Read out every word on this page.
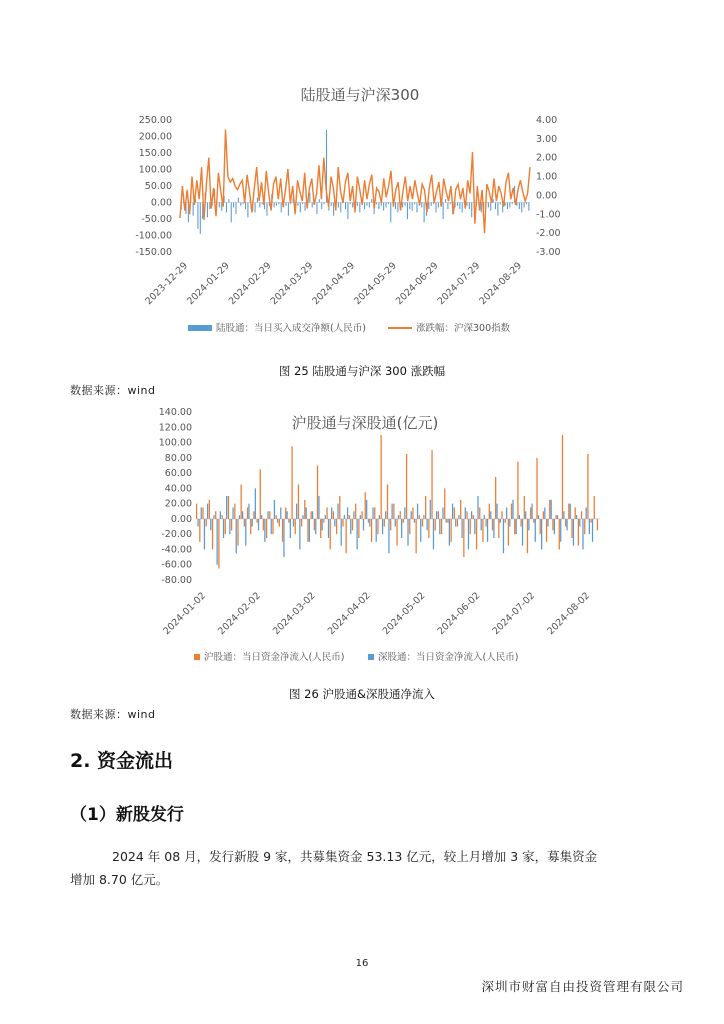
陆股通与沪深300
250.00
200.00
150.00
100.00
50.00
0.00
-50.00
-100.00
-150.00
4.00
3.00
2.00
1.00
0.00
-1.00
-2.00
-3.00
2023-12-29
2024-01-29
2024-02-29
2024-03-29
2024-04-29
2024-05-29
2024-06-29
2024-07-29
2024-08-29
陆股通：当日买入成交净额(人民币)	涨跌幅：沪深300指数
图 25 陆股通与沪深 300 涨跌幅
数据来源：wind
沪股通与深股通(亿元)
140.00
120.00
100.00
80.00
60.00
40.00
20.00
0.00
-20.00
-40.00
-60.00
-80.00
2024-01-02 2024-02-02 2024-03-02 2024-04-02 2024-05-02 2024-06-02 2024-07-02 2024-08-02
沪股通：当日资金净流入(人民币)	深股通：当日资金净流入(人民币)
图 26 沪股通&深股通净流入
数据来源：wind
2. 资金流出
（1）新股发行
2024 年 08 月，发行新股 9 家，共募集资金 53.13 亿元，较上月增加 3 家，募集资金
增加 8.70 亿元。
16
深圳市财富自由投资管理有限公司
